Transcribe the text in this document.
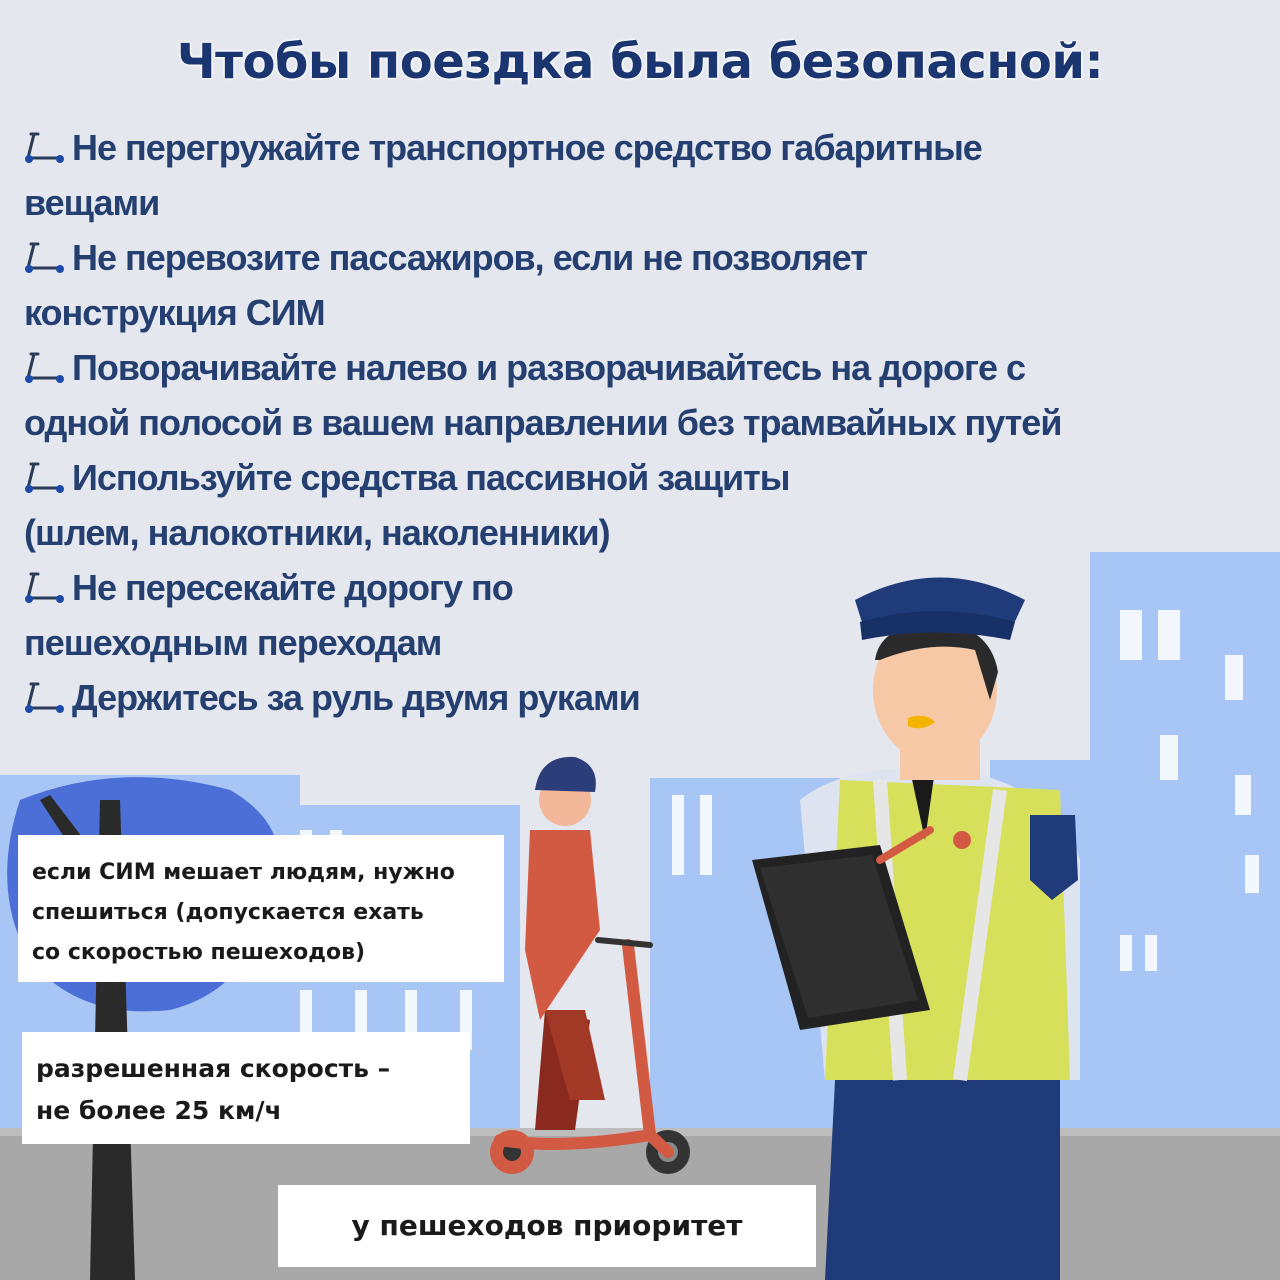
Чтобы поездка была безопасной:
Не перегружайте транспортное средство габаритные
вещами
Не перевозите пассажиров, если не позволяет
конструкция СИМ
Поворачивайте налево и разворачивайтесь на дороге с
одной полосой в вашем направлении без трамвайных путей
Используйте средства пассивной защиты
(шлем, налокотники, наколенники)
Не пересекайте дорогу по
пешеходным переходам
Держитесь за руль двумя руками
если СИМ мешает людям, нужно
спешиться (допускается ехать
со скоростью пешеходов)
разрешенная скорость –
не более 25 км/ч
у пешеходов приоритет
